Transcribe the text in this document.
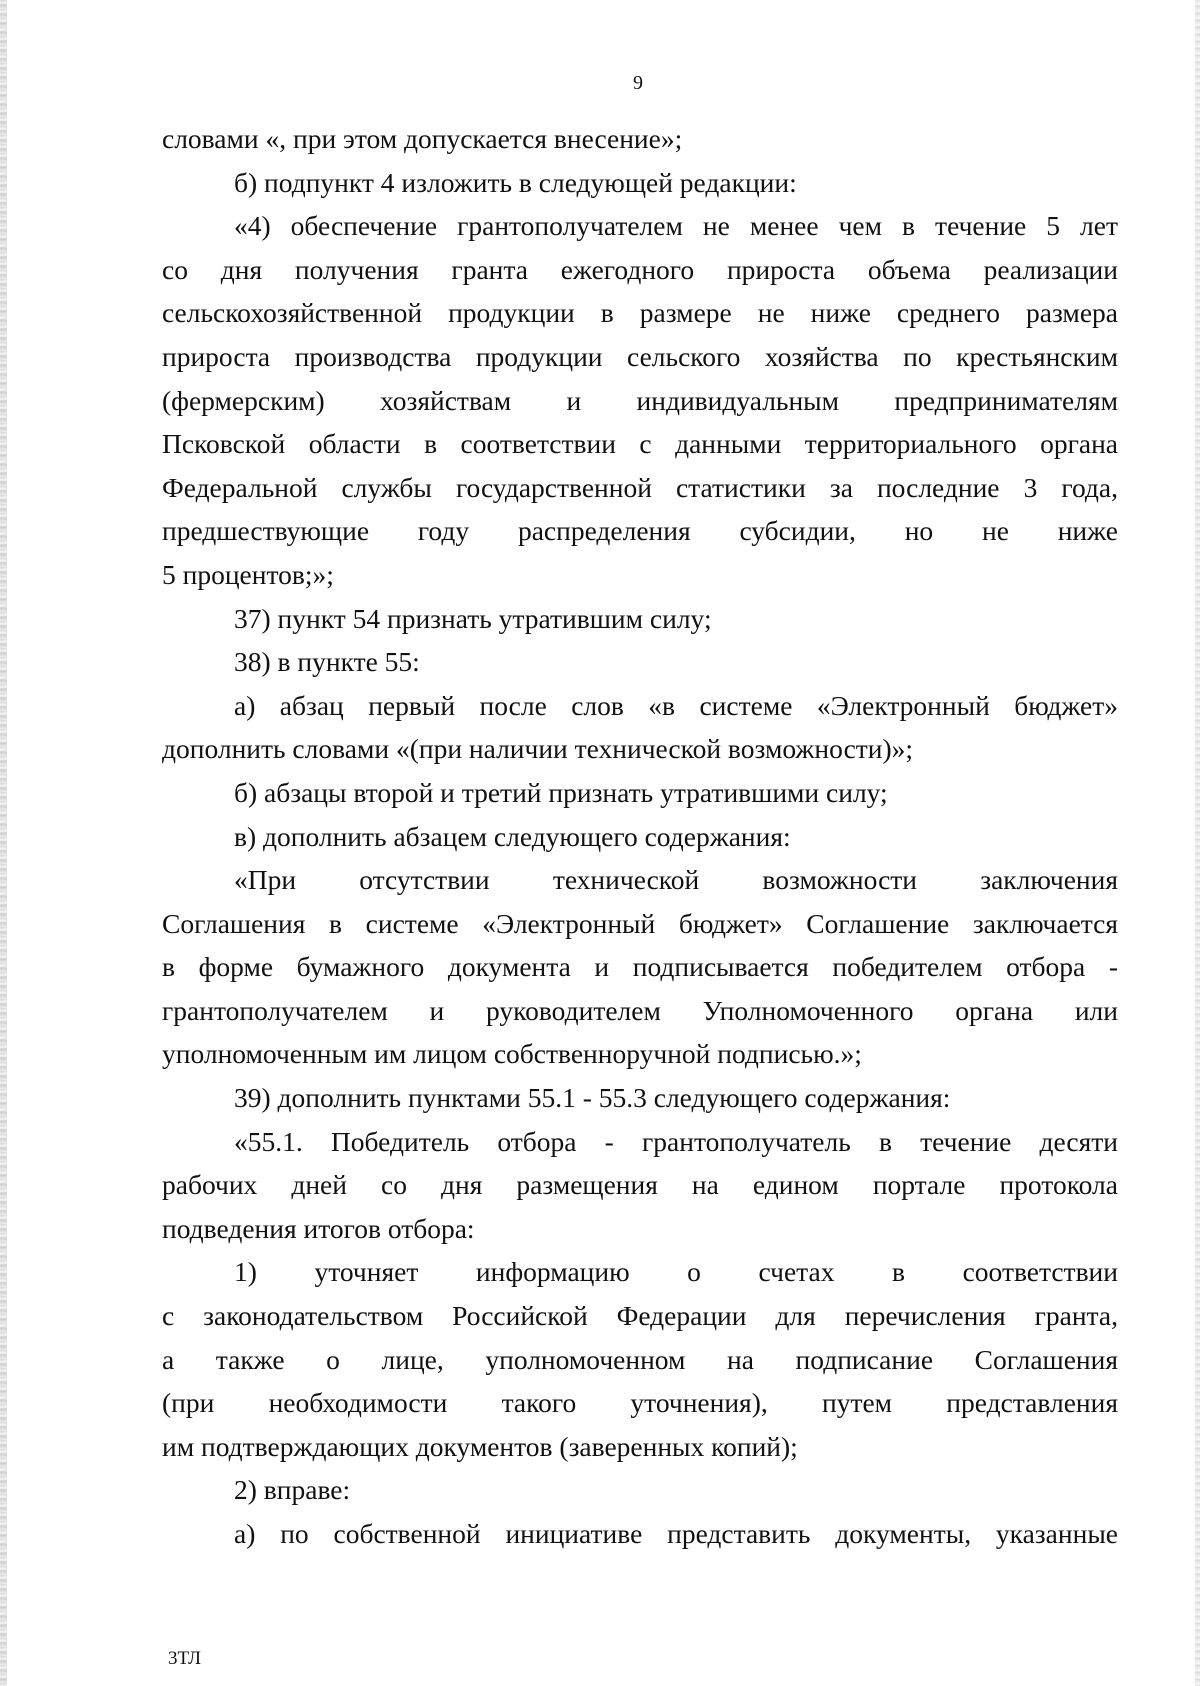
9

словами «, при этом допускается внесение»;

б) подпункт 4 изложить в следующей редакции:

«4) обеспечение грантополучателем не менее чем в течение 5 лет
со дня получения гранта ежегодного прироста объема реализации
сельскохозяйственной продукции в размере не ниже среднего размера
прироста производства продукции сельского хозяйства по крестьянским
(фермерским) хозяйствам и индивидуальным предпринимателям
Псковской области в соответствии с данными территориального органа
Федеральной службы государственной статистики за последние 3 года,
предшествующие году распределения субсидии, но не ниже
5 процентов;»;

37) пункт 54 признать утратившим силу;

38) в пункте 55:

а) абзац первый после слов «в системе «Электронный бюджет»
дополнить словами «(при наличии технической возможности)»;

б) абзацы второй и третий признать утратившими силу;

в) дополнить абзацем следующего содержания:

«При отсутствии технической возможности заключения
Соглашения в системе «Электронный бюджет» Соглашение заключается
в форме бумажного документа и подписывается победителем отбора -
грантополучателем и руководителем Уполномоченного органа или
уполномоченным им лицом собственноручной подписью.»;

39) дополнить пунктами 55.1 - 55.3 следующего содержания:

«55.1. Победитель отбора - грантополучатель в течение десяти
рабочих дней со дня размещения на едином портале протокола
подведения итогов отбора:

1) уточняет информацию о счетах в соответствии
с законодательством Российской Федерации для перечисления гранта,
а также о лице, уполномоченном на подписание Соглашения
(при необходимости такого уточнения), путем представления
им подтверждающих документов (заверенных копий);

2) вправе:

а) по собственной инициативе представить документы, указанные

3ТЛ
